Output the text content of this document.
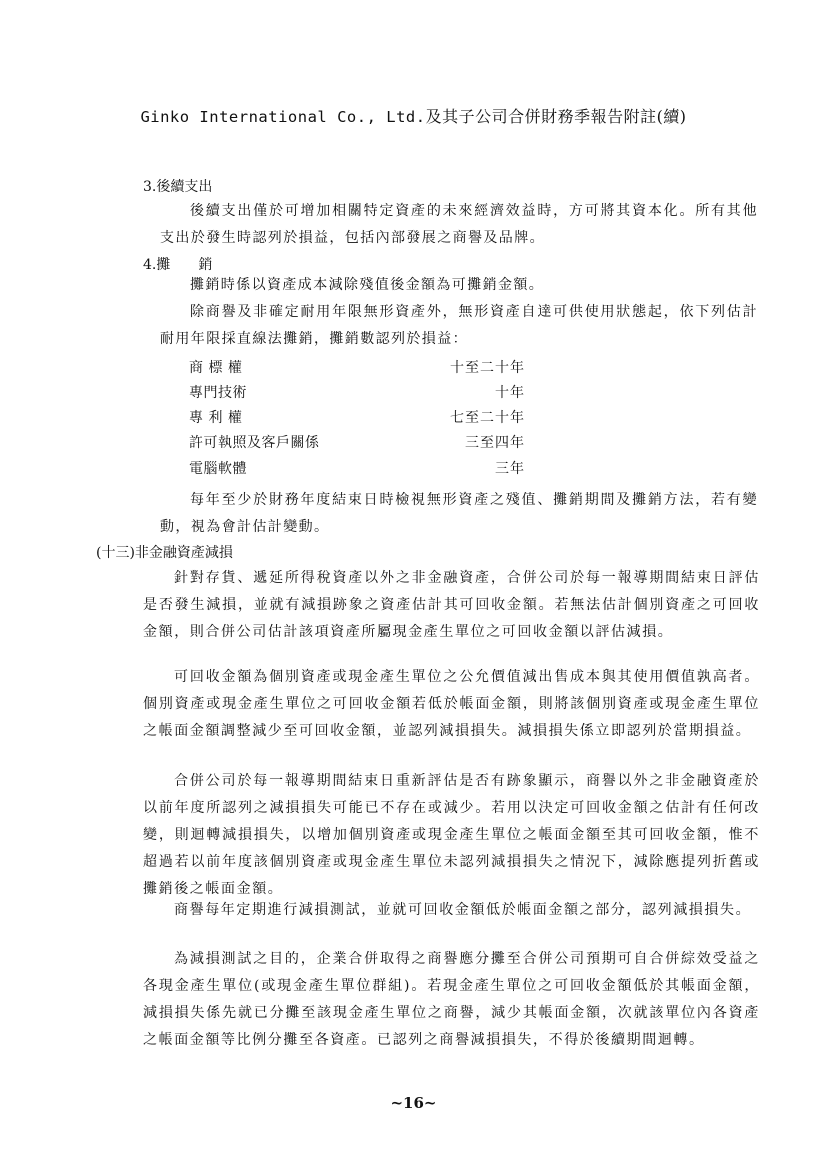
Ginko International Co., Ltd.及其子公司合併財務季報告附註(續)
3.後續支出
後續支出僅於可增加相關特定資產的未來經濟效益時，方可將其資本化。所有其他支出於發生時認列於損益，包括內部發展之商譽及品牌。
4.攤　　銷
攤銷時係以資產成本減除殘值後金額為可攤銷金額。
除商譽及非確定耐用年限無形資產外，無形資產自達可供使用狀態起，依下列估計耐用年限採直線法攤銷，攤銷數認列於損益：
商 標 權	十至二十年
專門技術	十年
專 利 權	七至二十年
許可執照及客戶關係	三至四年
電腦軟體	三年
每年至少於財務年度結束日時檢視無形資產之殘值、攤銷期間及攤銷方法，若有變動，視為會計估計變動。
(十三)非金融資產減損
針對存貨、遞延所得稅資產以外之非金融資產，合併公司於每一報導期間結束日評估是否發生減損，並就有減損跡象之資產估計其可回收金額。若無法估計個別資產之可回收金額，則合併公司估計該項資產所屬現金產生單位之可回收金額以評估減損。
可回收金額為個別資產或現金產生單位之公允價值減出售成本與其使用價值孰高者。個別資產或現金產生單位之可回收金額若低於帳面金額，則將該個別資產或現金產生單位之帳面金額調整減少至可回收金額，並認列減損損失。減損損失係立即認列於當期損益。
合併公司於每一報導期間結束日重新評估是否有跡象顯示，商譽以外之非金融資產於以前年度所認列之減損損失可能已不存在或減少。若用以決定可回收金額之估計有任何改變，則迴轉減損損失，以增加個別資產或現金產生單位之帳面金額至其可回收金額，惟不超過若以前年度該個別資產或現金產生單位未認列減損損失之情況下，減除應提列折舊或攤銷後之帳面金額。
商譽每年定期進行減損測試，並就可回收金額低於帳面金額之部分，認列減損損失。
為減損測試之目的，企業合併取得之商譽應分攤至合併公司預期可自合併綜效受益之各現金產生單位(或現金產生單位群組)。若現金產生單位之可回收金額低於其帳面金額，減損損失係先就已分攤至該現金產生單位之商譽，減少其帳面金額，次就該單位內各資產之帳面金額等比例分攤至各資產。已認列之商譽減損損失，不得於後續期間迴轉。
~16~
